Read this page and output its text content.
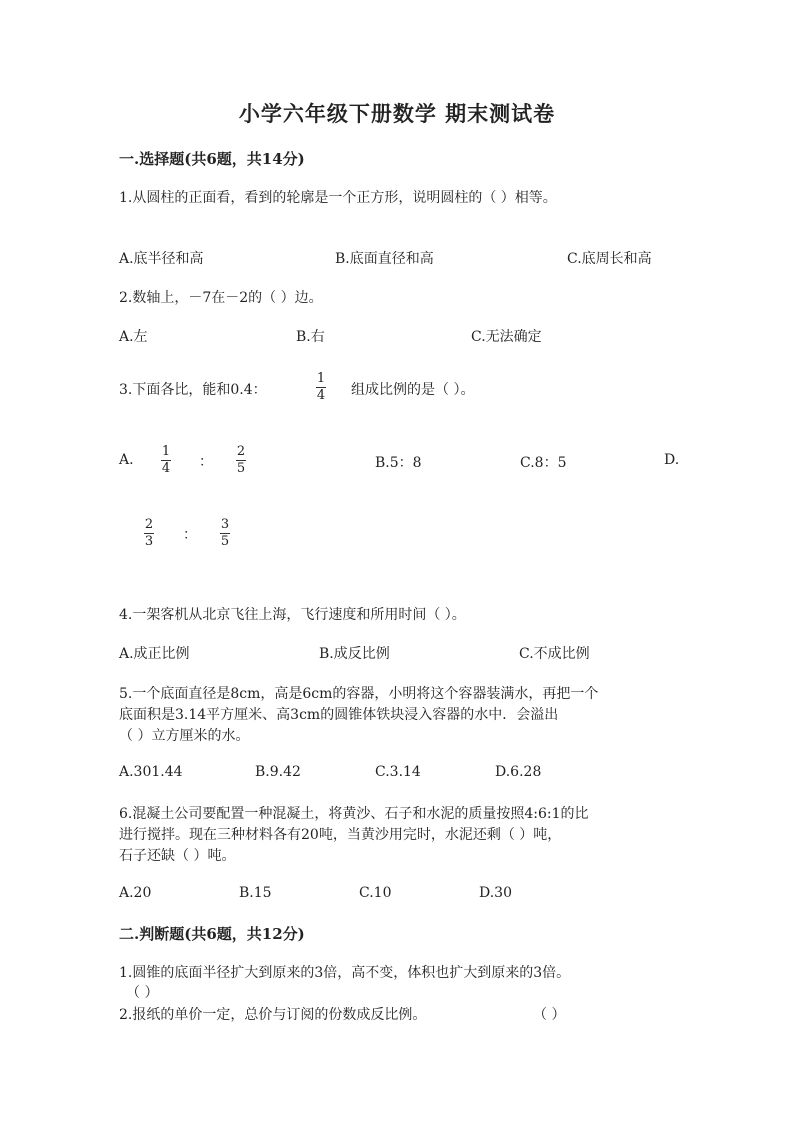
小学六年级下册数学 期末测试卷
一.选择题(共6题，共14分)
1.从圆柱的正面看，看到的轮廓是一个正方形，说明圆柱的（ ）相等。
A.底半径和高	B.底面直径和高	C.底周长和高
2.数轴上，－7在－2的（ ）边。
A.左	B.右	C.无法确定
3.下面各比，能和0.4：
1
4 组成比例的是（ ）。
A.
1
4 ：
2
5	B.5：8	C.8：5	D.
2
3 ：
3
5
4.一架客机从北京飞往上海，飞行速度和所用时间（ ）。
A.成正比例	B.成反比例	C.不成比例
5.一个底面直径是8cm，高是6cm的容器，小明将这个容器装满水，再把一个
底面积是3.14平方厘米、高3cm的圆锥体铁块浸入容器的水中．会溢出
（ ）立方厘米的水。
A.301.44	B.9.42	C.3.14	D.6.28
6.混凝土公司要配置一种混凝土，将黄沙、石子和水泥的质量按照4:6:1的比
进行搅拌。现在三种材料各有20吨，当黄沙用完时，水泥还剩（ ）吨，
石子还缺（ ）吨。
A.20	B.15	C.10	D.30
二.判断题(共6题，共12分)
1.圆锥的底面半径扩大到原来的3倍，高不变，体积也扩大到原来的3倍。
（ ）
2.报纸的单价一定，总价与订阅的份数成反比例。	（ ）
